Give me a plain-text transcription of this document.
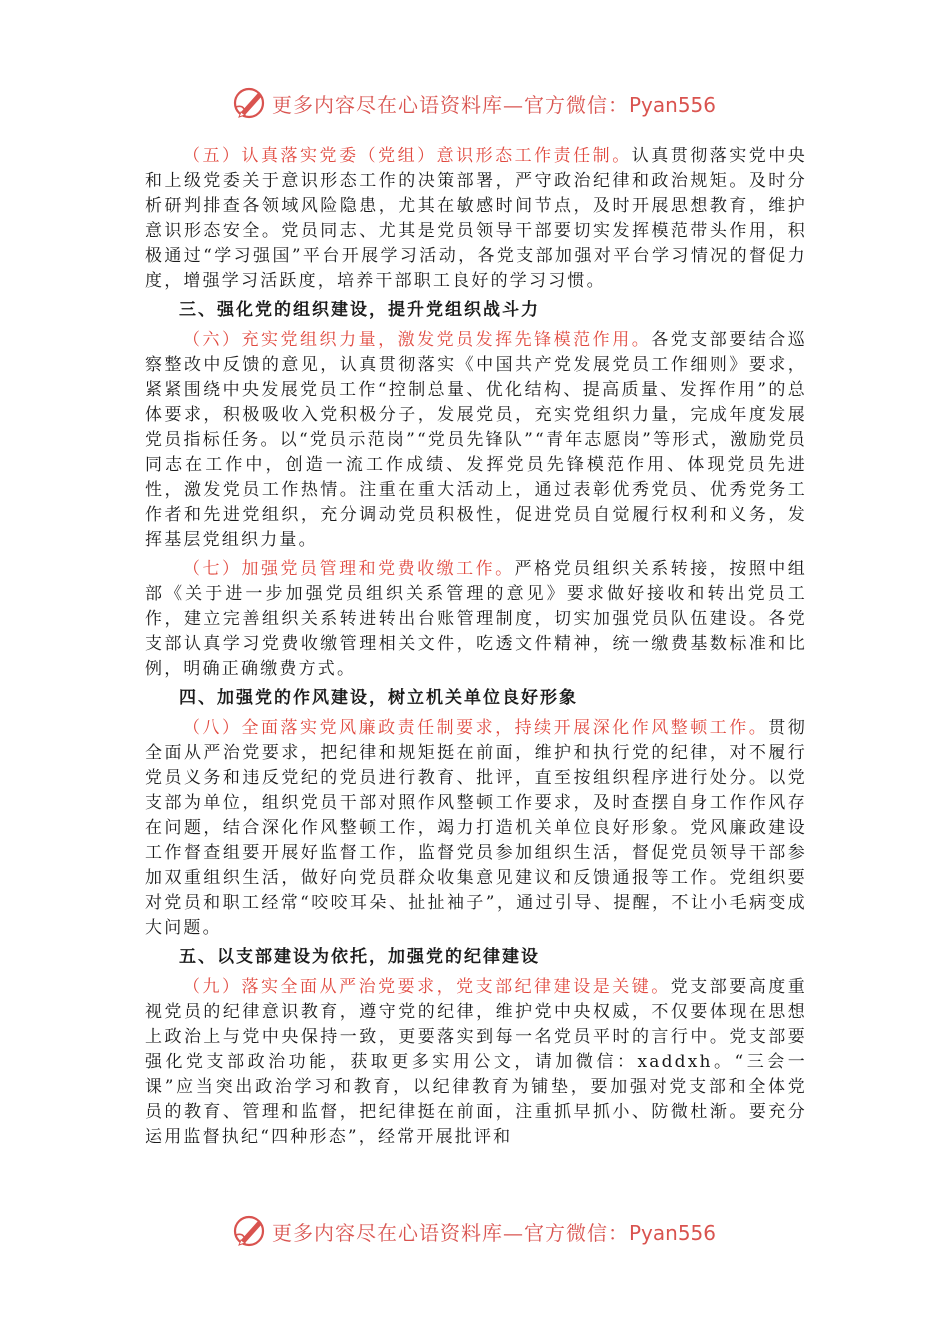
更多内容尽在心语资料库—官方微信：Pyan556

（五）认真落实党委（党组）意识形态工作责任制。认真贯彻落实党中央和上级党委关于意识形态工作的决策部署，严守政治纪律和政治规矩。及时分析研判排查各领域风险隐患，尤其在敏感时间节点，及时开展思想教育，维护意识形态安全。党员同志、尤其是党员领导干部要切实发挥模范带头作用，积极通过“学习强国”平台开展学习活动，各党支部加强对平台学习情况的督促力度，增强学习活跃度，培养干部职工良好的学习习惯。

三、强化党的组织建设，提升党组织战斗力

（六）充实党组织力量，激发党员发挥先锋模范作用。各党支部要结合巡察整改中反馈的意见，认真贯彻落实《中国共产党发展党员工作细则》要求，紧紧围绕中央发展党员工作“控制总量、优化结构、提高质量、发挥作用”的总体要求，积极吸收入党积极分子，发展党员，充实党组织力量，完成年度发展党员指标任务。以“党员示范岗”“党员先锋队”“青年志愿岗”等形式，激励党员同志在工作中，创造一流工作成绩、发挥党员先锋模范作用、体现党员先进性，激发党员工作热情。注重在重大活动上，通过表彰优秀党员、优秀党务工作者和先进党组织，充分调动党员积极性，促进党员自觉履行权利和义务，发挥基层党组织力量。

（七）加强党员管理和党费收缴工作。严格党员组织关系转接，按照中组部《关于进一步加强党员组织关系管理的意见》要求做好接收和转出党员工作，建立完善组织关系转进转出台账管理制度，切实加强党员队伍建设。各党支部认真学习党费收缴管理相关文件，吃透文件精神，统一缴费基数标准和比例，明确正确缴费方式。

四、加强党的作风建设，树立机关单位良好形象

（八）全面落实党风廉政责任制要求，持续开展深化作风整顿工作。贯彻全面从严治党要求，把纪律和规矩挺在前面，维护和执行党的纪律，对不履行党员义务和违反党纪的党员进行教育、批评，直至按组织程序进行处分。以党支部为单位，组织党员干部对照作风整顿工作要求，及时查摆自身工作作风存在问题，结合深化作风整顿工作，竭力打造机关单位良好形象。党风廉政建设工作督查组要开展好监督工作，监督党员参加组织生活，督促党员领导干部参加双重组织生活，做好向党员群众收集意见建议和反馈通报等工作。党组织要对党员和职工经常“咬咬耳朵、扯扯袖子”，通过引导、提醒，不让小毛病变成大问题。

五、以支部建设为依托，加强党的纪律建设

（九）落实全面从严治党要求，党支部纪律建设是关键。党支部要高度重视党员的纪律意识教育，遵守党的纪律，维护党中央权威，不仅要体现在思想上政治上与党中央保持一致，更要落实到每一名党员平时的言行中。党支部要强化党支部政治功能，获取更多实用公文，请加微信：xaddxh。“三会一课”应当突出政治学习和教育，以纪律教育为铺垫，要加强对党支部和全体党员的教育、管理和监督，把纪律挺在前面，注重抓早抓小、防微杜渐。要充分运用监督执纪“四种形态”，经常开展批评和

更多内容尽在心语资料库—官方微信：Pyan556
